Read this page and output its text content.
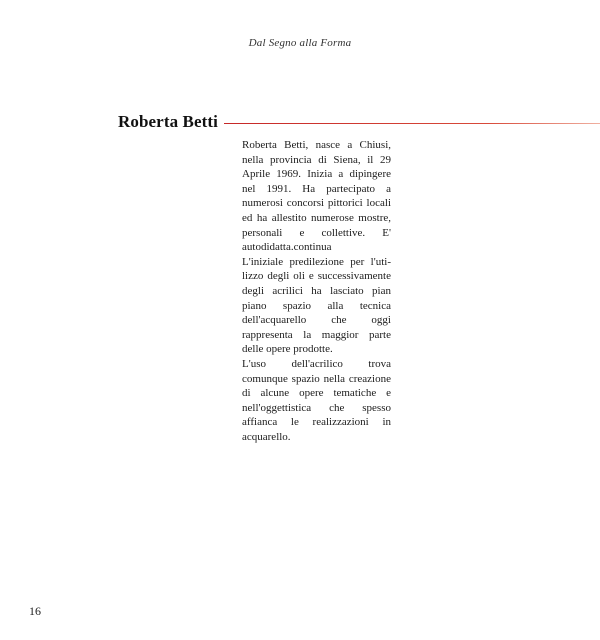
Dal Segno alla Forma
Roberta Betti

Roberta Betti, nasce a Chiusi, nella provincia di Siena, il 29 Aprile 1969. Inizia a dipingere nel 1991. Ha partecipato a numerosi concorsi pittorici locali ed ha allestito numerose mostre, personali e collettive. E' autodidatta.continua

L'iniziale predilezione per l'utilizzo degli oli e successivamente degli acrilici ha lasciato pian piano spazio alla tecnica dell'acquarello che oggi rappresenta la maggior parte delle opere prodotte.

L'uso dell'acrilico trova comunque spazio nella creazione di alcune opere tematiche e nell'oggettistica che spesso affianca le realizzazioni in acquarello.

16
